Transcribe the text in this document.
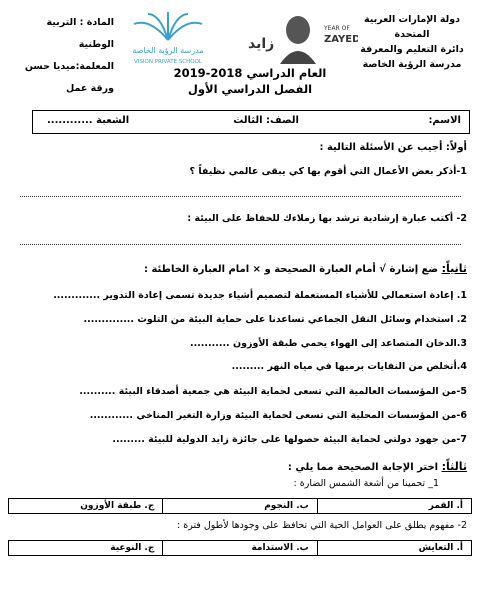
دولة الإمارات العربية المتحدة
دائرة التعليم والمعرفة
مدرسة الرؤية الخاصة
المادة : التربية الوطنية
المعلمة:ميديا حسن
ورقة عمل
مدرسة الرؤية الخاصة
VISION PRIVATE SCHOOL
زايد
YEAR OF
ZAYED
العام الدراسي 2018-2019
الفصل الدراسي الأول
الاسم:
الصف: الثالث
الشعبة ............
أولاً: أجيب عن الأسئلة التالية :
1-أذكر بعض الأعمال التي أقوم بها كي يبقى عالمي نظيفاً ؟
2- أكتب عبارة إرشادية ترشد بها زملاءك للحفاظ على البيئة :
ثانياً: ضع إشارة √ أمام العبارة الصحيحة و × امام العبارة الخاطئة :
1. إعادة استعمالي للأشياء المستعملة لتصميم أشياء جديدة تسمى إعادة التدوير .............
2. استخدام وسائل النقل الجماعي تساعدنا على حماية البيئة من التلوث ..............
3.الدخان المتصاعد إلى الهواء يحمي طبقة الأوزون ...........
4.أتخلص من النفايات برميها في مياه النهر .........
5-من المؤسسات العالمية التي تسعى لحماية البيئة هي جمعية أصدقاء البيئة ..........
6-من المؤسسات المحلية التي تسعى لحماية البيئة وزارة التغير المناخي ............
7-من جهود دولتي لحماية البيئة حصولها على جائزة زايد الدولية للبيئة .........
ثالثاً: اختر الإجابة الصحيحة مما يلي :
1_ تحمينا من أشعة الشمس الضارة :
أ. القمر
ب. النجوم
ج. طبقة الأوزون
2- مفهوم يطلق على العوامل الحية التي تحافظ على وجودها لأطول فترة :
أ. التعايش
ب. الاستدامة
ج. النوعية
